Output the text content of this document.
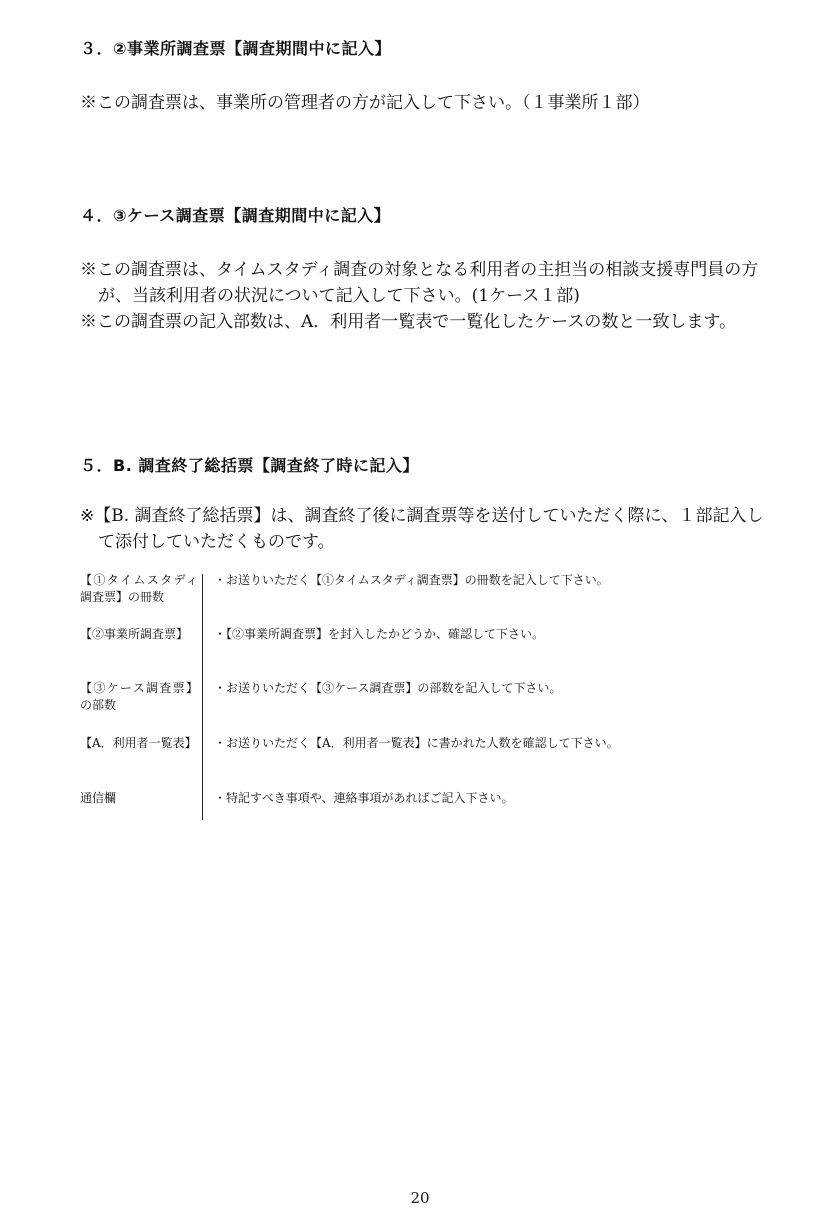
３．②事業所調査票【調査期間中に記入】

※この調査票は、事業所の管理者の方が記入して下さい。（１事業所１部）

４．③ケース調査票【調査期間中に記入】

※この調査票は、タイムスタディ調査の対象となる利用者の主担当の相談支援専門員の方が、当該利用者の状況について記入して下さい。(1ケース１部)

※この調査票の記入部数は、A．利用者一覧表で一覧化したケースの数と一致します。

５．B. 調査終了総括票【調査終了時に記入】

※【B. 調査終了総括票】は、調査終了後に調査票等を送付していただく際に、１部記入して添付していただくものです。

【①タイムスタディ調査票】の冊数
・お送りいただく【①タイムスタディ調査票】の冊数を記入して下さい。
【②事業所調査票】	・【②事業所調査票】を封入したかどうか、確認して下さい。
【③ケース調査票】の部数
・お送りいただく【③ケース調査票】の部数を記入して下さい。
【A．利用者一覧表】 ・お送りいただく【A．利用者一覧表】に書かれた人数を確認して下さい。
通信欄	・特記すべき事項や、連絡事項があればご記入下さい。
20
